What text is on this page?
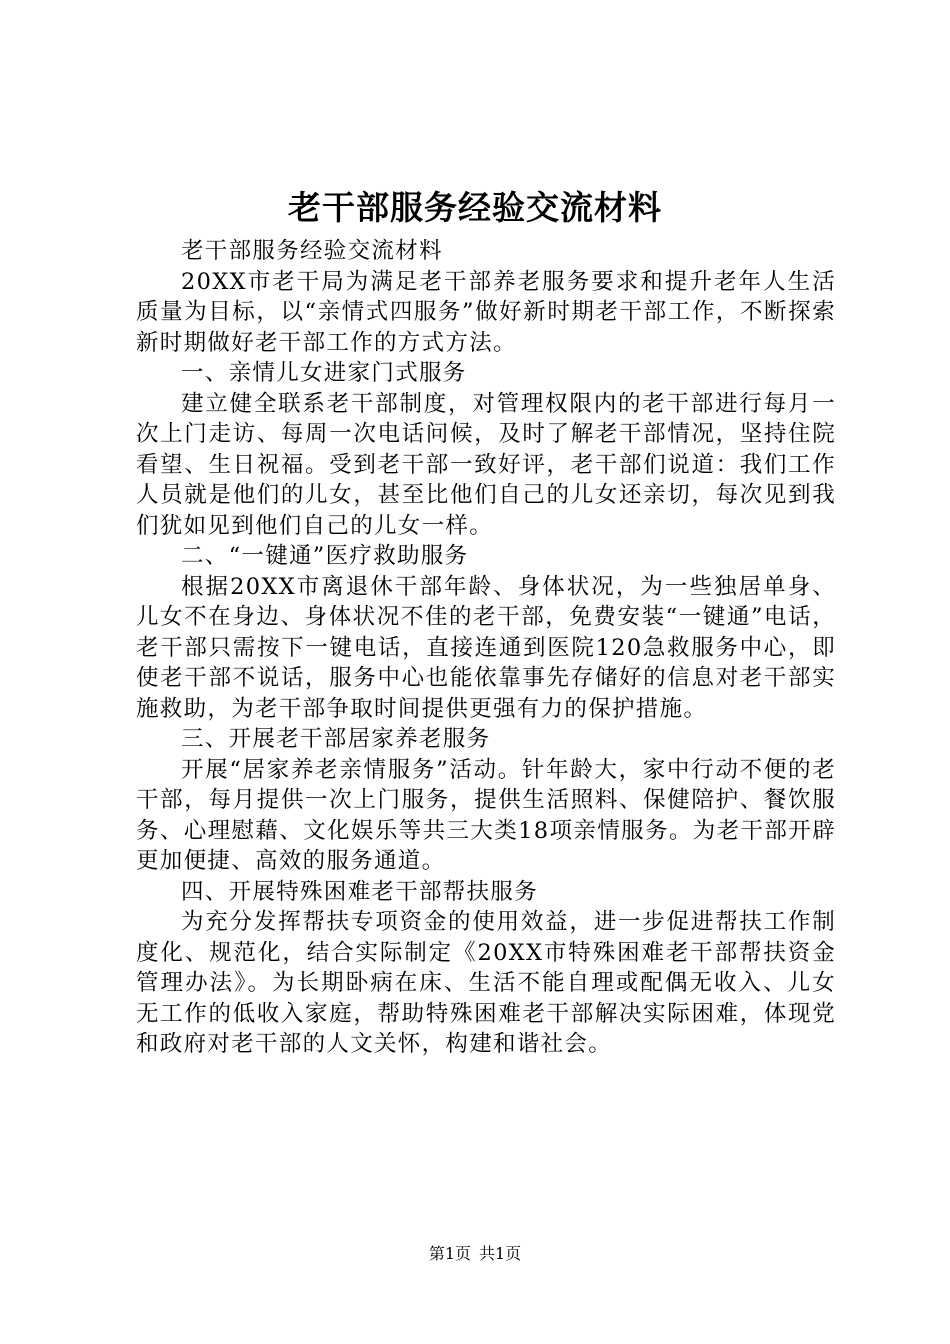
老干部服务经验交流材料

老干部服务经验交流材料

20XX市老干局为满足老干部养老服务要求和提升老年人生活质量为目标，以“亲情式四服务”做好新时期老干部工作，不断探索新时期做好老干部工作的方式方法。

一、亲情儿女进家门式服务

建立健全联系老干部制度，对管理权限内的老干部进行每月一次上门走访、每周一次电话问候，及时了解老干部情况，坚持住院看望、生日祝福。受到老干部一致好评，老干部们说道：我们工作人员就是他们的儿女，甚至比他们自己的儿女还亲切，每次见到我们犹如见到他们自己的儿女一样。

二、“一键通”医疗救助服务

根据20XX市离退休干部年龄、身体状况，为一些独居单身、儿女不在身边、身体状况不佳的老干部，免费安装“一键通”电话，老干部只需按下一键电话，直接连通到医院120急救服务中心，即使老干部不说话，服务中心也能依靠事先存储好的信息对老干部实施救助，为老干部争取时间提供更强有力的保护措施。

三、开展老干部居家养老服务

开展“居家养老亲情服务”活动。针年龄大，家中行动不便的老干部，每月提供一次上门服务，提供生活照料、保健陪护、餐饮服务、心理慰藉、文化娱乐等共三大类18项亲情服务。为老干部开辟更加便捷、高效的服务通道。

四、开展特殊困难老干部帮扶服务

为充分发挥帮扶专项资金的使用效益，进一步促进帮扶工作制度化、规范化，结合实际制定《20XX市特殊困难老干部帮扶资金管理办法》。为长期卧病在床、生活不能自理或配偶无收入、儿女无工作的低收入家庭，帮助特殊困难老干部解决实际困难，体现党和政府对老干部的人文关怀，构建和谐社会。

第1页 共1页
